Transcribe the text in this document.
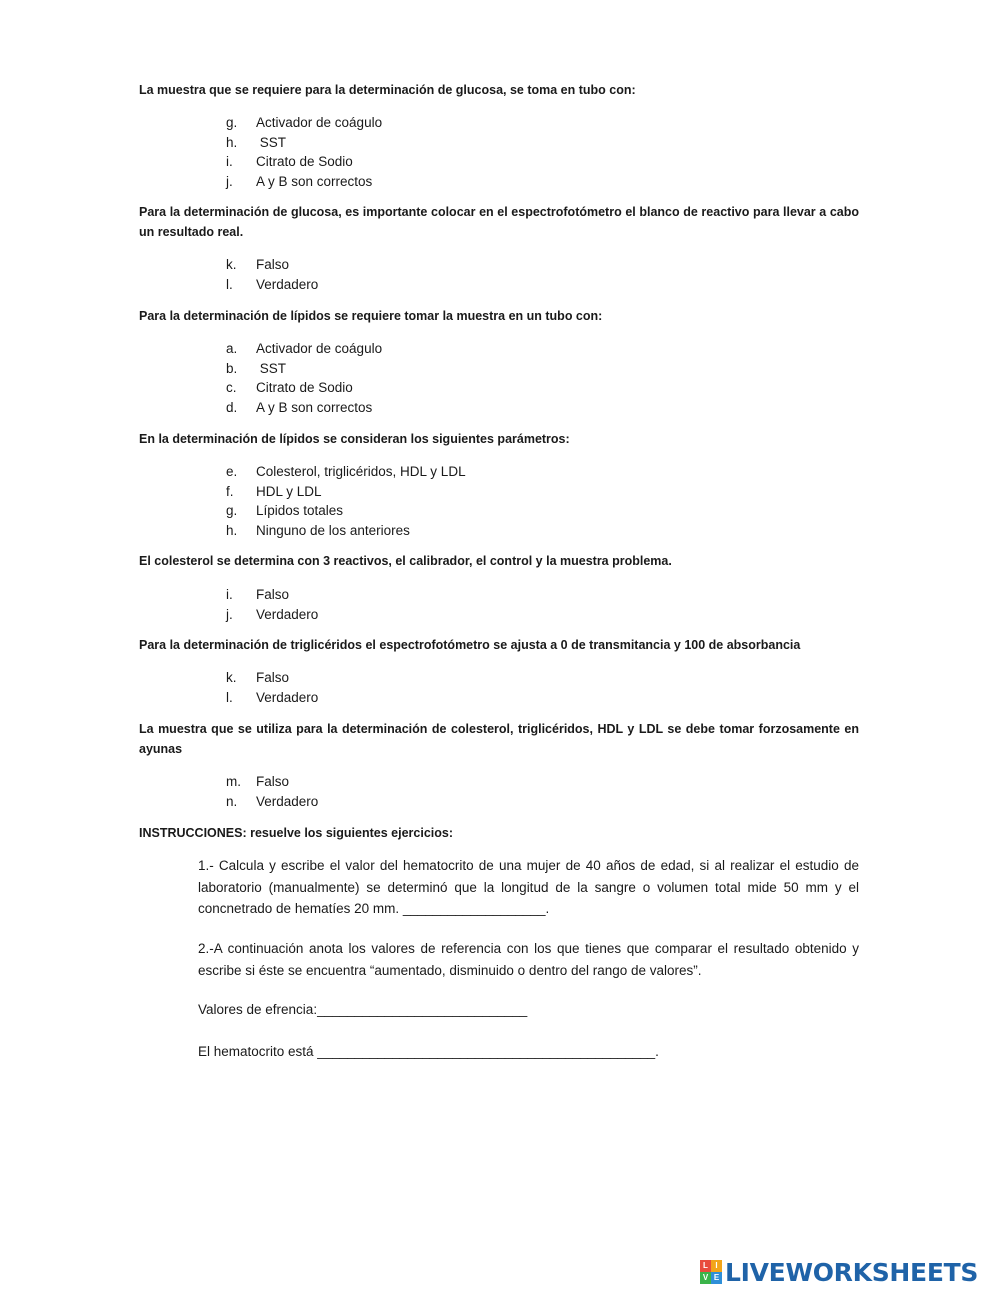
La muestra que se requiere para la determinación de glucosa, se toma en tubo con:

g. Activador de coágulo
h. SST
i. Citrato de Sodio
j. A y B son correctos

Para la determinación de glucosa, es importante colocar en el espectrofotómetro el blanco de reactivo para llevar a cabo un resultado real.

k. Falso
l. Verdadero

Para la determinación de lípidos se requiere tomar la muestra en un tubo con:

a. Activador de coágulo
b. SST
c. Citrato de Sodio
d. A y B son correctos

En la determinación de lípidos se consideran los siguientes parámetros:

e. Colesterol, triglicéridos, HDL y LDL
f. HDL y LDL
g. Lípidos totales
h. Ninguno de los anteriores

El colesterol se determina con 3 reactivos, el calibrador, el control y la muestra problema.

i. Falso
j. Verdadero

Para la determinación de triglicéridos el espectrofotómetro se ajusta a 0 de transmitancia y 100 de absorbancia

k. Falso
l. Verdadero

La muestra que se utiliza para la determinación de colesterol, triglicéridos, HDL y LDL se debe tomar forzosamente en ayunas

m. Falso
n. Verdadero

INSTRUCCIONES: resuelve los siguientes ejercicios:

1.- Calcula y escribe el valor del hematocrito de una mujer de 40 años de edad, si al realizar el estudio de laboratorio (manualmente) se determinó que la longitud de la sangre o volumen total mide 50 mm y el concnetrado de hematíes 20 mm. ___________________.

2.-A continuación anota los valores de referencia con los que tienes que comparar el resultado obtenido y escribe si éste se encuentra “aumentado, disminuido o dentro del rango de valores”.

Valores de efrencia:____________________________
El hematocrito está _____________________________________________.
L I
V E LIVEWORKSHEETS
